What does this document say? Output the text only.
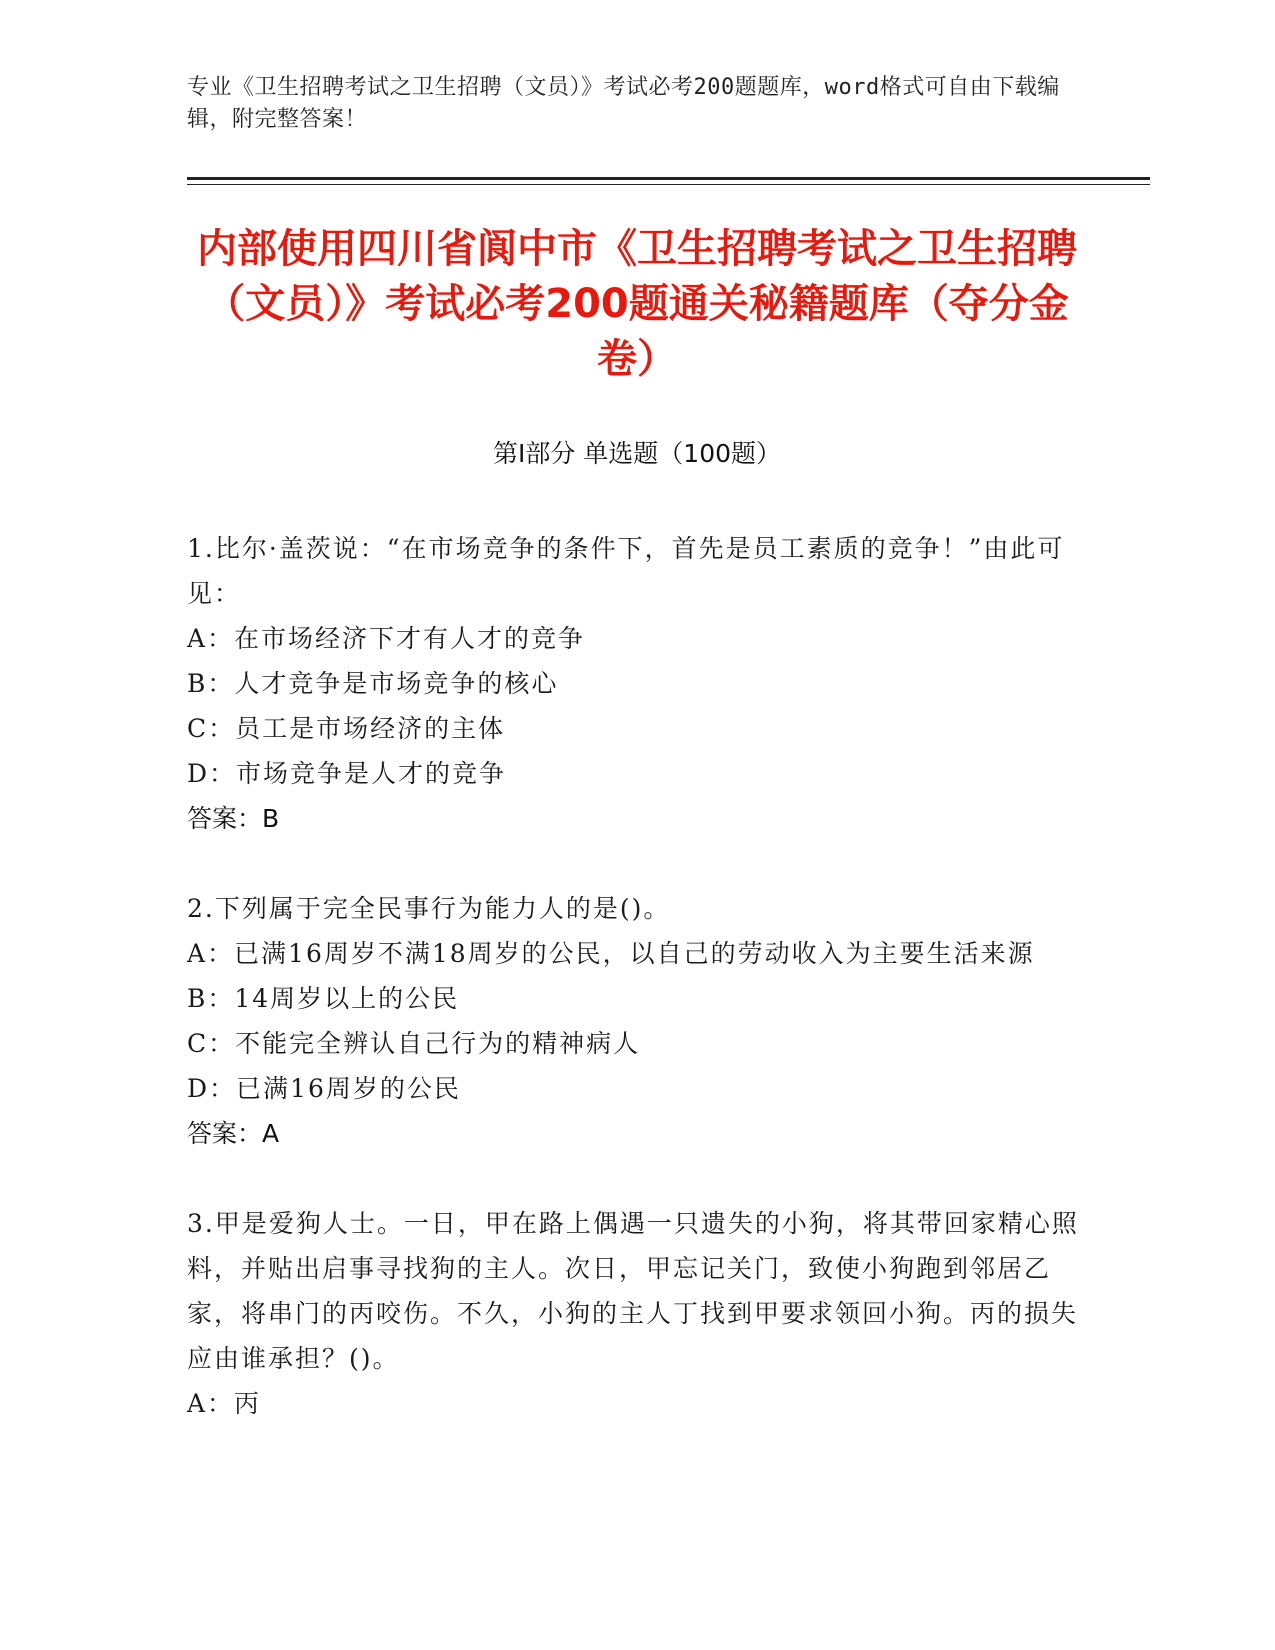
专业《卫生招聘考试之卫生招聘（文员）》考试必考200题题库，word格式可自由下载编辑，附完整答案！
内部使用四川省阆中市《卫生招聘考试之卫生招聘（文员）》考试必考200题通关秘籍题库（夺分金卷）
第Ⅰ部分 单选题（100题）
1.比尔·盖茨说：“在市场竞争的条件下，首先是员工素质的竞争！”由此可见：
A：在市场经济下才有人才的竞争
B：人才竞争是市场竞争的核心
C：员工是市场经济的主体
D：市场竞争是人才的竞争
答案：B
2.下列属于完全民事行为能力人的是()。
A：已满16周岁不满18周岁的公民，以自己的劳动收入为主要生活来源
B：14周岁以上的公民
C：不能完全辨认自己行为的精神病人
D：已满16周岁的公民
答案：A
3.甲是爱狗人士。一日，甲在路上偶遇一只遗失的小狗，将其带回家精心照料，并贴出启事寻找狗的主人。次日，甲忘记关门，致使小狗跑到邻居乙家，将串门的丙咬伤。不久，小狗的主人丁找到甲要求领回小狗。丙的损失应由谁承担？()。
A：丙
